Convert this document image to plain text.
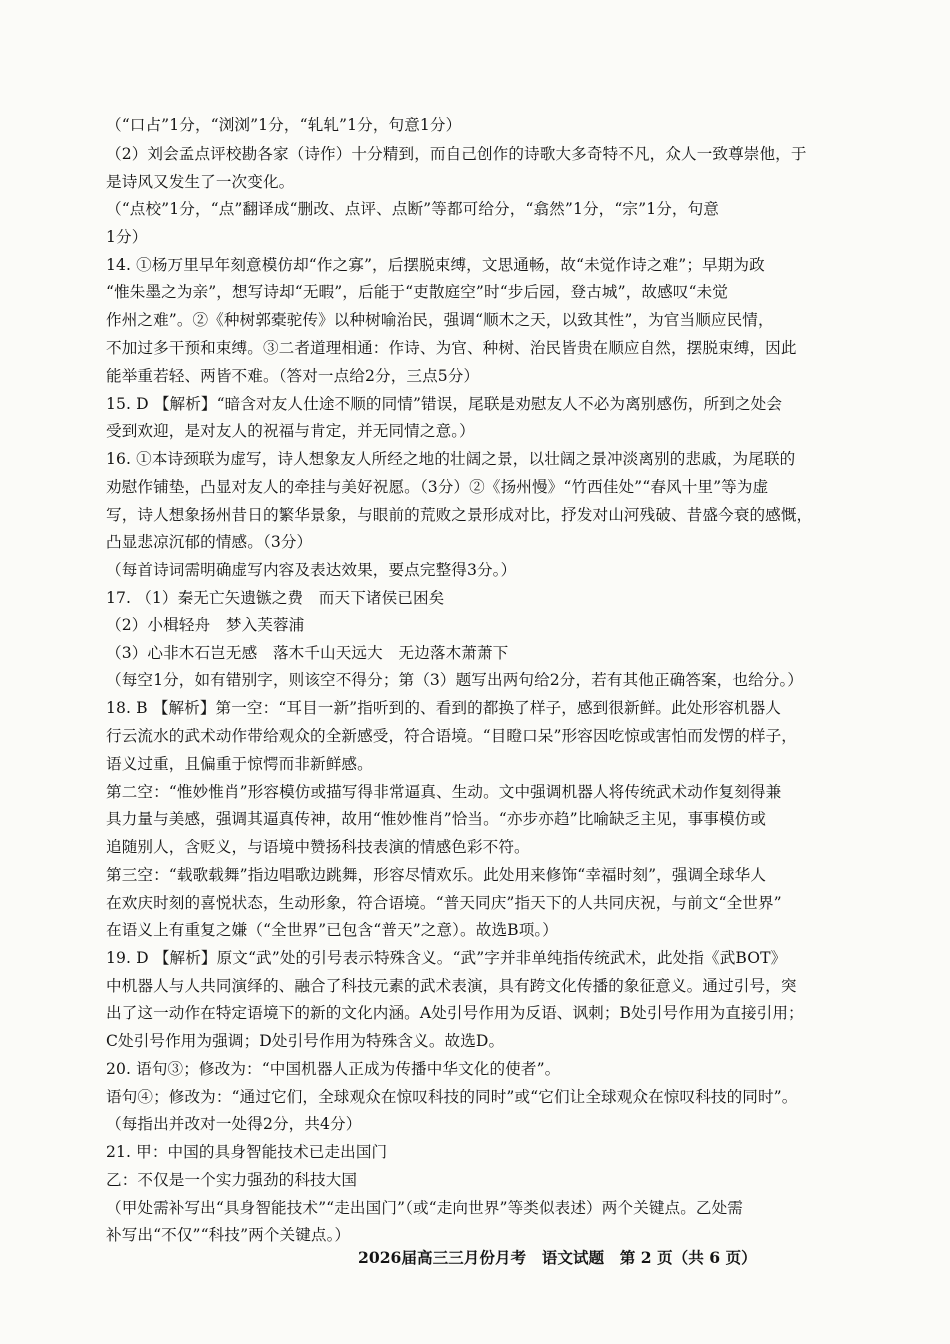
（“口占”1分，“浏浏”1分，“轧轧”1分，句意1分）
（2）刘会孟点评校勘各家（诗作）十分精到，而自己创作的诗歌大多奇特不凡，众人一致尊崇他，于
是诗风又发生了一次变化。
（“点校”1分，“点”翻译成“删改、点评、点断”等都可给分，“翕然”1分，“宗”1分，句意
1分）
14. ①杨万里早年刻意模仿却“作之寡”，后摆脱束缚，文思通畅，故“未觉作诗之难”；早期为政
“惟朱墨之为亲”，想写诗却“无暇”，后能于“吏散庭空”时“步后园，登古城”，故感叹“未觉
作州之难”。②《种树郭橐驼传》以种树喻治民，强调“顺木之天，以致其性”，为官当顺应民情，
不加过多干预和束缚。③二者道理相通：作诗、为官、种树、治民皆贵在顺应自然，摆脱束缚，因此
能举重若轻、两皆不难。（答对一点给2分，三点5分）
15. D 【解析】“暗含对友人仕途不顺的同情”错误，尾联是劝慰友人不必为离别感伤，所到之处会
受到欢迎，是对友人的祝福与肯定，并无同情之意。）
16. ①本诗颈联为虚写，诗人想象友人所经之地的壮阔之景，以壮阔之景冲淡离别的悲戚，为尾联的
劝慰作铺垫，凸显对友人的牵挂与美好祝愿。（3分）②《扬州慢》“竹西佳处”“春风十里”等为虚
写，诗人想象扬州昔日的繁华景象，与眼前的荒败之景形成对比，抒发对山河残破、昔盛今衰的感慨，
凸显悲凉沉郁的情感。（3分）
（每首诗词需明确虚写内容及表达效果，要点完整得3分。）
17. （1）秦无亡矢遗镞之费　而天下诸侯已困矣
（2）小楫轻舟　梦入芙蓉浦
（3）心非木石岂无感　落木千山天远大　无边落木萧萧下
（每空1分，如有错别字，则该空不得分；第（3）题写出两句给2分，若有其他正确答案，也给分。）
18. B 【解析】第一空：“耳目一新”指听到的、看到的都换了样子，感到很新鲜。此处形容机器人
行云流水的武术动作带给观众的全新感受，符合语境。“目瞪口呆”形容因吃惊或害怕而发愣的样子，
语义过重，且偏重于惊愕而非新鲜感。
第二空：“惟妙惟肖”形容模仿或描写得非常逼真、生动。文中强调机器人将传统武术动作复刻得兼
具力量与美感，强调其逼真传神，故用“惟妙惟肖”恰当。“亦步亦趋”比喻缺乏主见，事事模仿或
追随别人，含贬义，与语境中赞扬科技表演的情感色彩不符。
第三空：“载歌载舞”指边唱歌边跳舞，形容尽情欢乐。此处用来修饰“幸福时刻”，强调全球华人
在欢庆时刻的喜悦状态，生动形象，符合语境。“普天同庆”指天下的人共同庆祝，与前文“全世界”
在语义上有重复之嫌（“全世界”已包含“普天”之意）。故选B项。）
19. D 【解析】原文“武”处的引号表示特殊含义。“武”字并非单纯指传统武术，此处指《武BOT》
中机器人与人共同演绎的、融合了科技元素的武术表演，具有跨文化传播的象征意义。通过引号，突
出了这一动作在特定语境下的新的文化内涵。A处引号作用为反语、讽刺；B处引号作用为直接引用；
C处引号作用为强调；D处引号作用为特殊含义。故选D。
20. 语句③；修改为：“中国机器人正成为传播中华文化的使者”。
语句④；修改为：“通过它们，全球观众在惊叹科技的同时”或“它们让全球观众在惊叹科技的同时”。
（每指出并改对一处得2分，共4分）
21. 甲：中国的具身智能技术已走出国门
乙：不仅是一个实力强劲的科技大国
（甲处需补写出“具身智能技术”“走出国门”（或“走向世界”等类似表述）两个关键点。乙处需
补写出“不仅”“科技”两个关键点。）
2026届高三三月份月考　语文试题　第 2 页（共 6 页）
